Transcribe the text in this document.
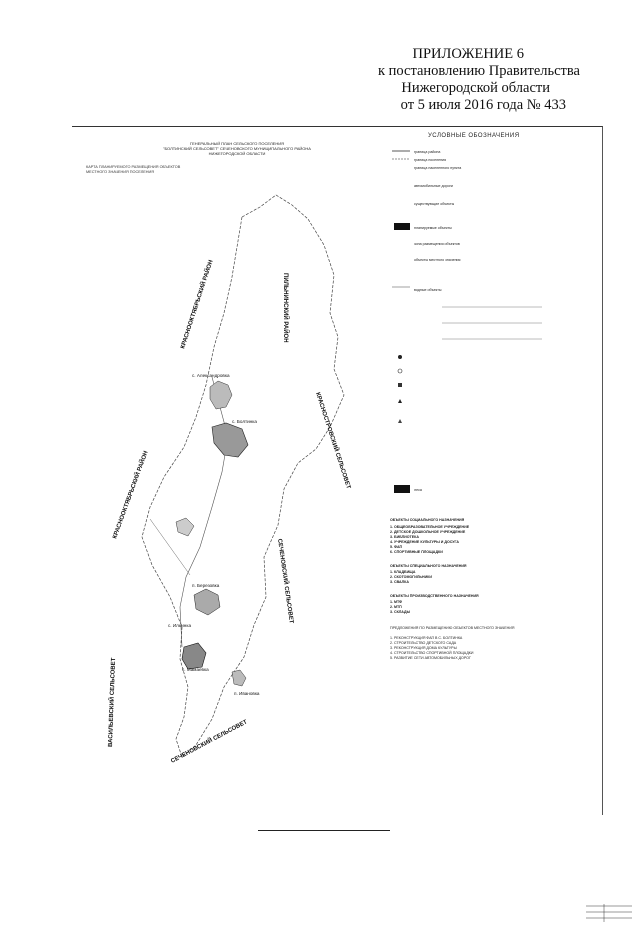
ПРИЛОЖЕНИЕ 6
к постановлению Правительства
Нижегородской области
от 5 июля 2016 года № 433
ГЕНЕРАЛЬНЫЙ ПЛАН СЕЛЬСКОГО ПОСЕЛЕНИЯ
"БОЛТИНСКИЙ СЕЛЬСОВЕТ" СЕЧЕНОВСКОГО МУНИЦИПАЛЬНОГО РАЙОНА
НИЖЕГОРОДСКОЙ ОБЛАСТИ
КАРТА ПЛАНИРУЕМОГО РАЗМЕЩЕНИЯ ОБЪЕКТОВ
МЕСТНОГО ЗНАЧЕНИЯ ПОСЕЛЕНИЯ
УСЛОВНЫЕ ОБОЗНАЧЕНИЯ
КРАСНООКТЯБРЬСКИЙ РАЙОН	ПИЛЬНИНСКИЙ РАЙОН
КРАСНОСТРОВСКИЙ СЕЛЬСОВЕТ
КРАСНООКТЯБРЬСКИЙ РАЙОН
СЕЧЕНОВСКИЙ СЕЛЬСОВЕТ
ВАСИЛЬЕВСКИЙ СЕЛЬСОВЕТ	СЕЧЕНОВСКИЙ СЕЛЬСОВЕТ
с. Александровка
с. Болтинка
п. Березовка
с. Ильинка
с. Мамаевка
п. Ивановка
граница района
граница поселения
граница населенного пункта
автомобильные дороги
существующие объекты
планируемые объекты
зона размещения объектов
объекты местного значения
водные объекты
леса
ОБЪЕКТЫ СОЦИАЛЬНОГО НАЗНАЧЕНИЯ
1. ОБЩЕОБРАЗОВАТЕЛЬНОЕ УЧРЕЖДЕНИЕ
2. ДЕТСКОЕ ДОШКОЛЬНОЕ УЧРЕЖДЕНИЕ
3. БИБЛИОТЕКА
4. УЧРЕЖДЕНИЕ КУЛЬТУРЫ И ДОСУГА
5. ФАП
6. СПОРТИВНЫЕ ПЛОЩАДКИ
ОБЪЕКТЫ СПЕЦИАЛЬНОГО НАЗНАЧЕНИЯ
1. КЛАДБИЩА
2. СКОТОМОГИЛЬНИКИ
3. СВАЛКА
ОБЪЕКТЫ ПРОИЗВОДСТВЕННОГО НАЗНАЧЕНИЯ
1. МТФ
2. МТП
3. СКЛАДЫ
ПРЕДЛОЖЕНИЯ ПО РАЗМЕЩЕНИЮ ОБЪЕКТОВ МЕСТНОГО ЗНАЧЕНИЯ
1. РЕКОНСТРУКЦИЯ ФАП В С. БОЛТИНКА
2. СТРОИТЕЛЬСТВО ДЕТСКОГО САДА
3. РЕКОНСТРУКЦИЯ ДОМА КУЛЬТУРЫ
4. СТРОИТЕЛЬСТВО СПОРТИВНОЙ ПЛОЩАДКИ
5. РАЗВИТИЕ СЕТИ АВТОМОБИЛЬНЫХ ДОРОГ
